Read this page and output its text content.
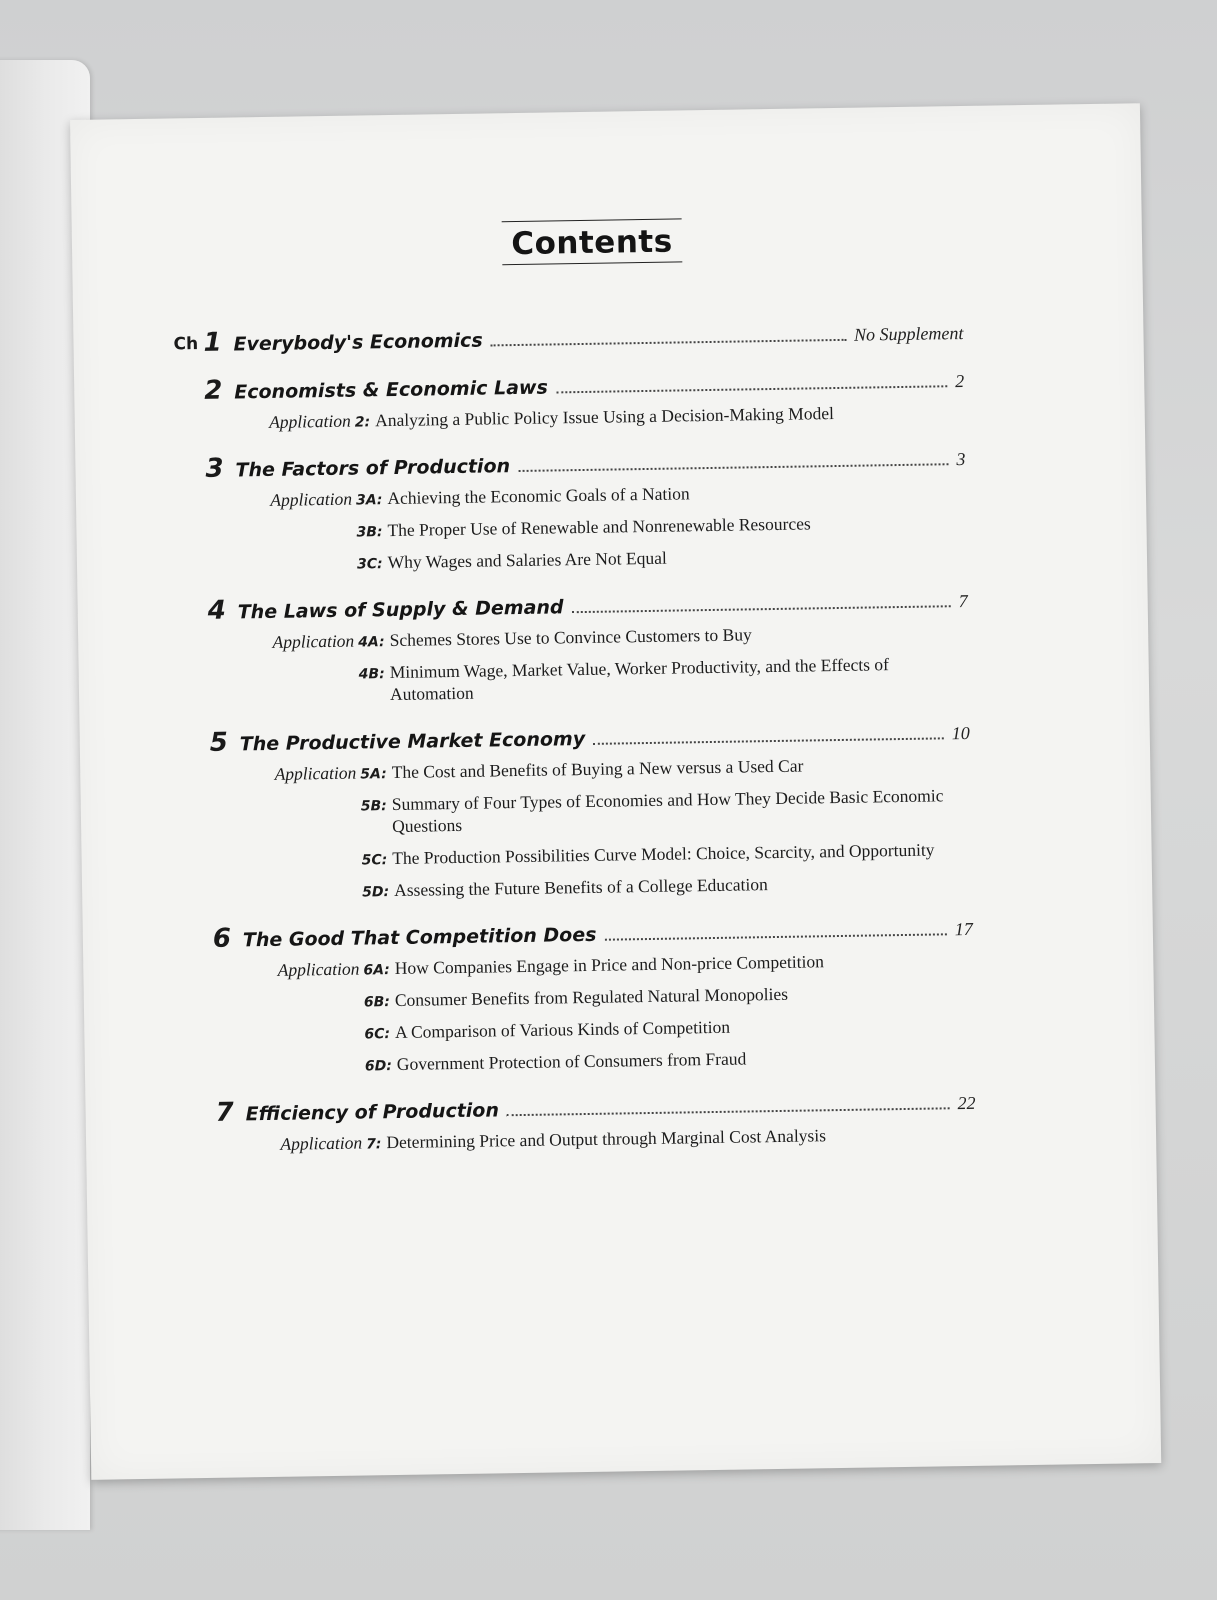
Contents
Ch 1 Everybody's Economics	No Supplement
2 Economists & Economic Laws	2
Application 2: Analyzing a Public Policy Issue Using a Decision-Making Model
3 The Factors of Production	3
Application 3A: Achieving the Economic Goals of a Nation
3B: The Proper Use of Renewable and Nonrenewable Resources
3C: Why Wages and Salaries Are Not Equal
4 The Laws of Supply & Demand	7
Application 4A: Schemes Stores Use to Convince Customers to Buy
4B: Minimum Wage, Market Value, Worker Productivity, and the Effects of Automation
5 The Productive Market Economy	10
Application 5A: The Cost and Benefits of Buying a New versus a Used Car
5B: Summary of Four Types of Economies and How They Decide Basic Economic Questions
5C: The Production Possibilities Curve Model: Choice, Scarcity, and Opportunity
5D: Assessing the Future Benefits of a College Education
6 The Good That Competition Does	17
Application 6A: How Companies Engage in Price and Non-price Competition
6B: Consumer Benefits from Regulated Natural Monopolies
6C: A Comparison of Various Kinds of Competition
6D: Government Protection of Consumers from Fraud
7 Efficiency of Production	22
Application 7: Determining Price and Output through Marginal Cost Analysis
